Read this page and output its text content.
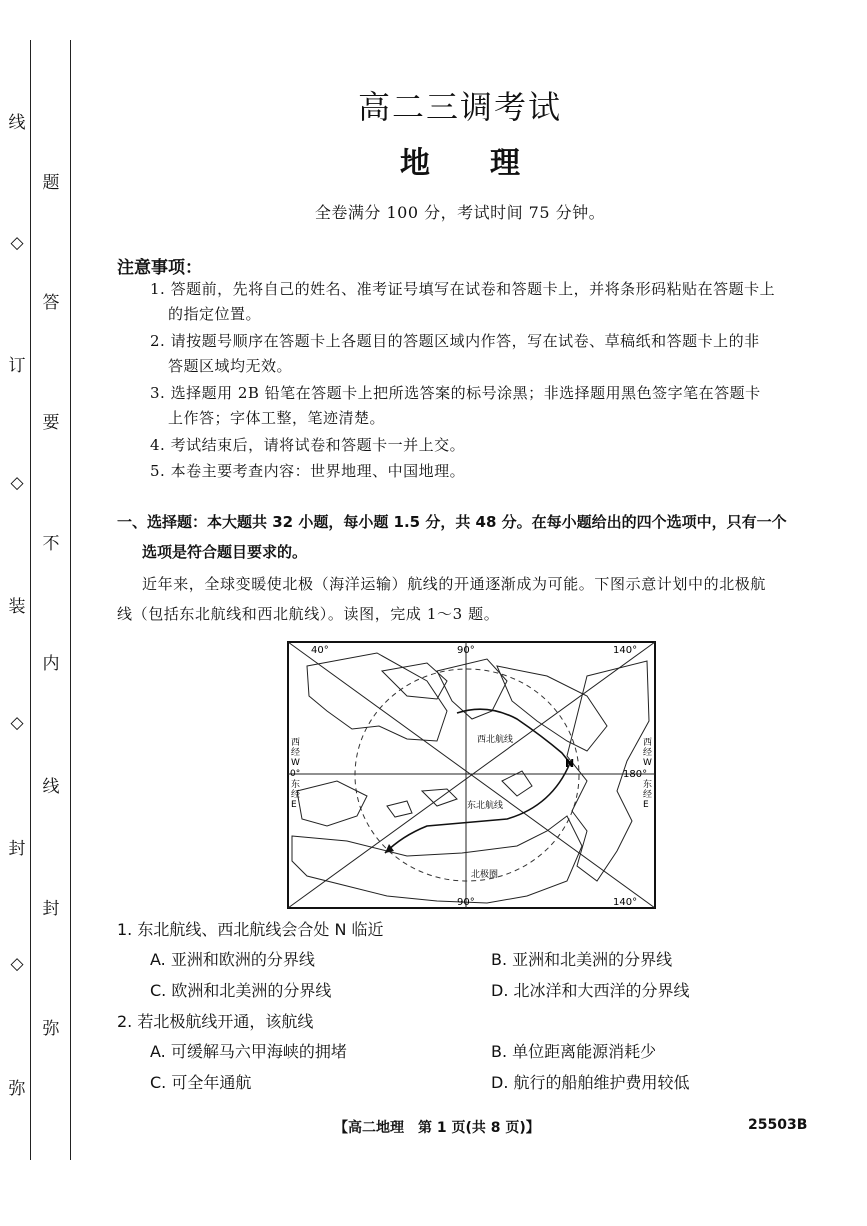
线
◇
订
◇
装
◇
封
◇
弥
题
答
要
不
内
线
封
弥
高二三调考试
地　　理
全卷满分 100 分，考试时间 75 分钟。
注意事项：
1. 答题前，先将自己的姓名、准考证号填写在试卷和答题卡上，并将条形码粘贴在答题卡上
的指定位置。
2. 请按题号顺序在答题卡上各题目的答题区域内作答，写在试卷、草稿纸和答题卡上的非
答题区域均无效。
3. 选择题用 2B 铅笔在答题卡上把所选答案的标号涂黑；非选择题用黑色签字笔在答题卡
上作答；字体工整，笔迹清楚。
4. 考试结束后，请将试卷和答题卡一并上交。
5. 本卷主要考查内容：世界地理、中国地理。
一、选择题：本大题共 32 小题，每小题 1.5 分，共 48 分。在每小题给出的四个选项中，只有一个
选项是符合题目要求的。
近年来，全球变暖使北极（海洋运输）航线的开通逐渐成为可能。下图示意计划中的北极航
线（包括东北航线和西北航线）。读图，完成 1～3 题。
40°	90°	140°
90°	140°
180°
西
经
W
0°
东
经
E
西
经
W
东
经
E
西北航线
东北航线
北极圈
N
1. 东北航线、西北航线会合处 N 临近
A. 亚洲和欧洲的分界线	B. 亚洲和北美洲的分界线
C. 欧洲和北美洲的分界线	D. 北冰洋和大西洋的分界线
2. 若北极航线开通，该航线
A. 可缓解马六甲海峡的拥堵	B. 单位距离能源消耗少
C. 可全年通航	D. 航行的船舶维护费用较低
【高二地理　第 1 页(共 8 页)】	25503B
